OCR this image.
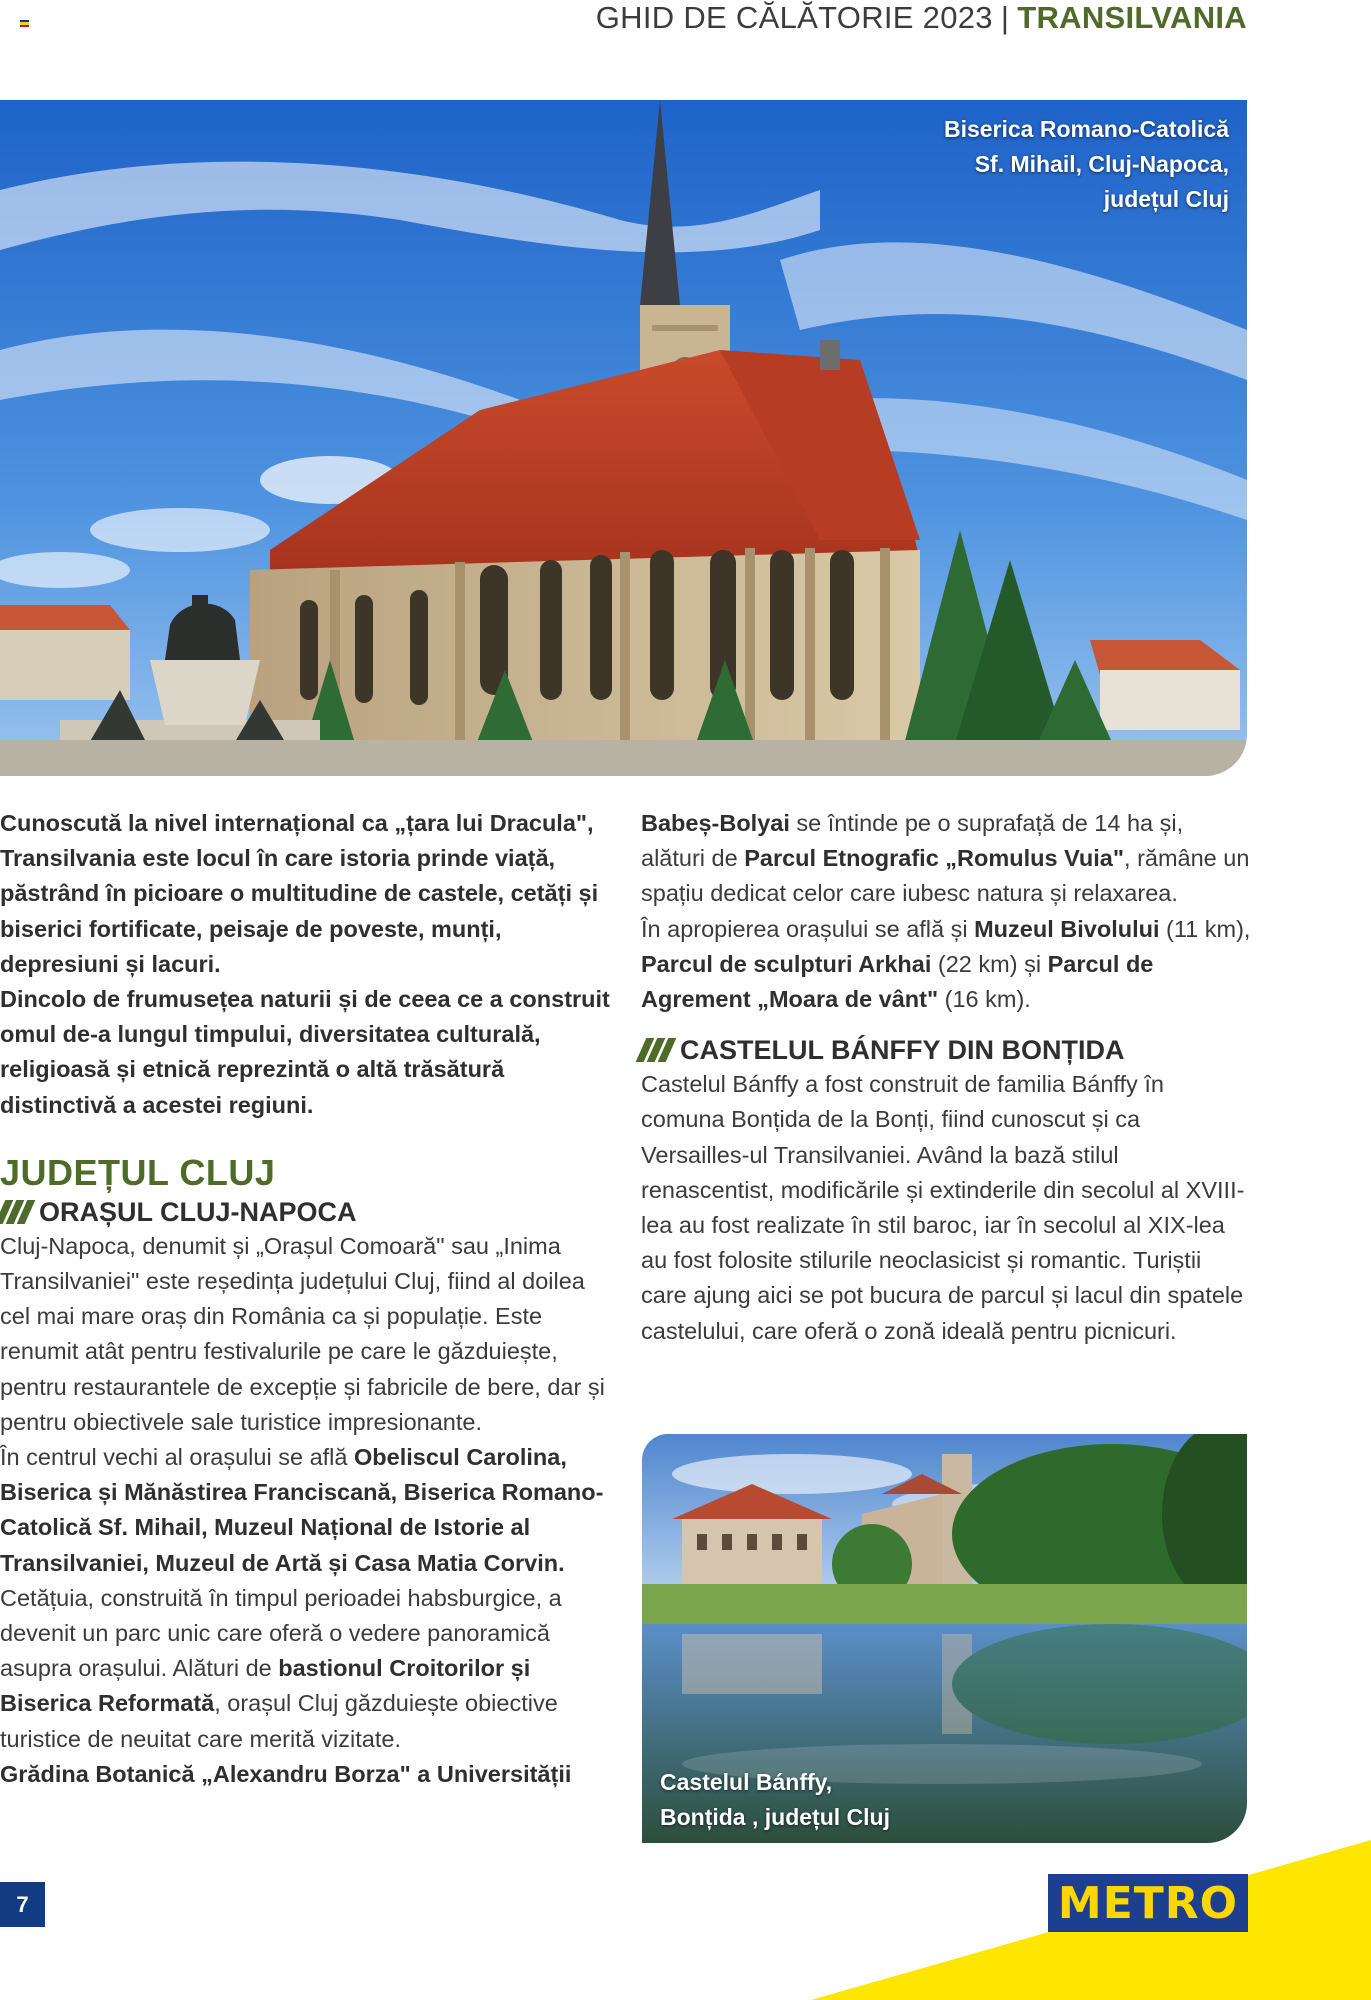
GHID DE CĂLĂTORIE 2023 | TRANSILVANIA
Biserica Romano-Catolică
Sf. Mihail, Cluj-Napoca,
județul Cluj

Cunoscută la nivel internațional ca „țara lui Dracula", Transilvania este locul în care istoria prinde viață, păstrând în picioare o multitudine de castele, cetăți și biserici fortificate, peisaje de poveste, munți, depresiuni și lacuri.

Dincolo de frumusețea naturii și de ceea ce a construit omul de-a lungul timpului, diversitatea culturală, religioasă și etnică reprezintă o altă trăsătură distinctivă a acestei regiuni.

JUDEȚUL CLUJ
ORAȘUL CLUJ-NAPOCA

Cluj-Napoca, denumit și „Orașul Comoară" sau „Inima Transilvaniei" este reședința județului Cluj, fiind al doilea cel mai mare oraș din România ca și populație. Este renumit atât pentru festivalurile pe care le găzduiește, pentru restaurantele de excepție și fabricile de bere, dar și pentru obiectivele sale turistice impresionante.

În centrul vechi al orașului se află Obeliscul Carolina, Biserica și Mănăstirea Franciscană, Biserica Romano-Catolică Sf. Mihail, Muzeul Național de Istorie al Transilvaniei, Muzeul de Artă și Casa Matia Corvin.

Cetățuia, construită în timpul perioadei habsburgice, a devenit un parc unic care oferă o vedere panoramică asupra orașului. Alături de bastionul Croitorilor și Biserica Reformată, orașul Cluj găzduiește obiective turistice de neuitat care merită vizitate.

Grădina Botanică „Alexandru Borza" a Universității

Babeș-Bolyai se întinde pe o suprafață de 14 ha și, alături de Parcul Etnografic „Romulus Vuia", rămâne un spațiu dedicat celor care iubesc natura și relaxarea.

În apropierea orașului se află și Muzeul Bivolului (11 km), Parcul de sculpturi Arkhai (22 km) și Parcul de Agrement „Moara de vânt" (16 km).

CASTELUL BÁNFFY DIN BONȚIDA

Castelul Bánffy a fost construit de familia Bánffy în comuna Bonțida de la Bonți, fiind cunoscut și ca Versailles-ul Transilvaniei. Având la bază stilul renascentist, modificările și extinderile din secolul al XVIII-lea au fost realizate în stil baroc, iar în secolul al XIX-lea au fost folosite stilurile neoclasicist și romantic. Turiștii care ajung aici se pot bucura de parcul și lacul din spatele castelului, care oferă o zonă ideală pentru picnicuri.

Castelul Bánffy,
Bonțida , județul Cluj
7	METRO
